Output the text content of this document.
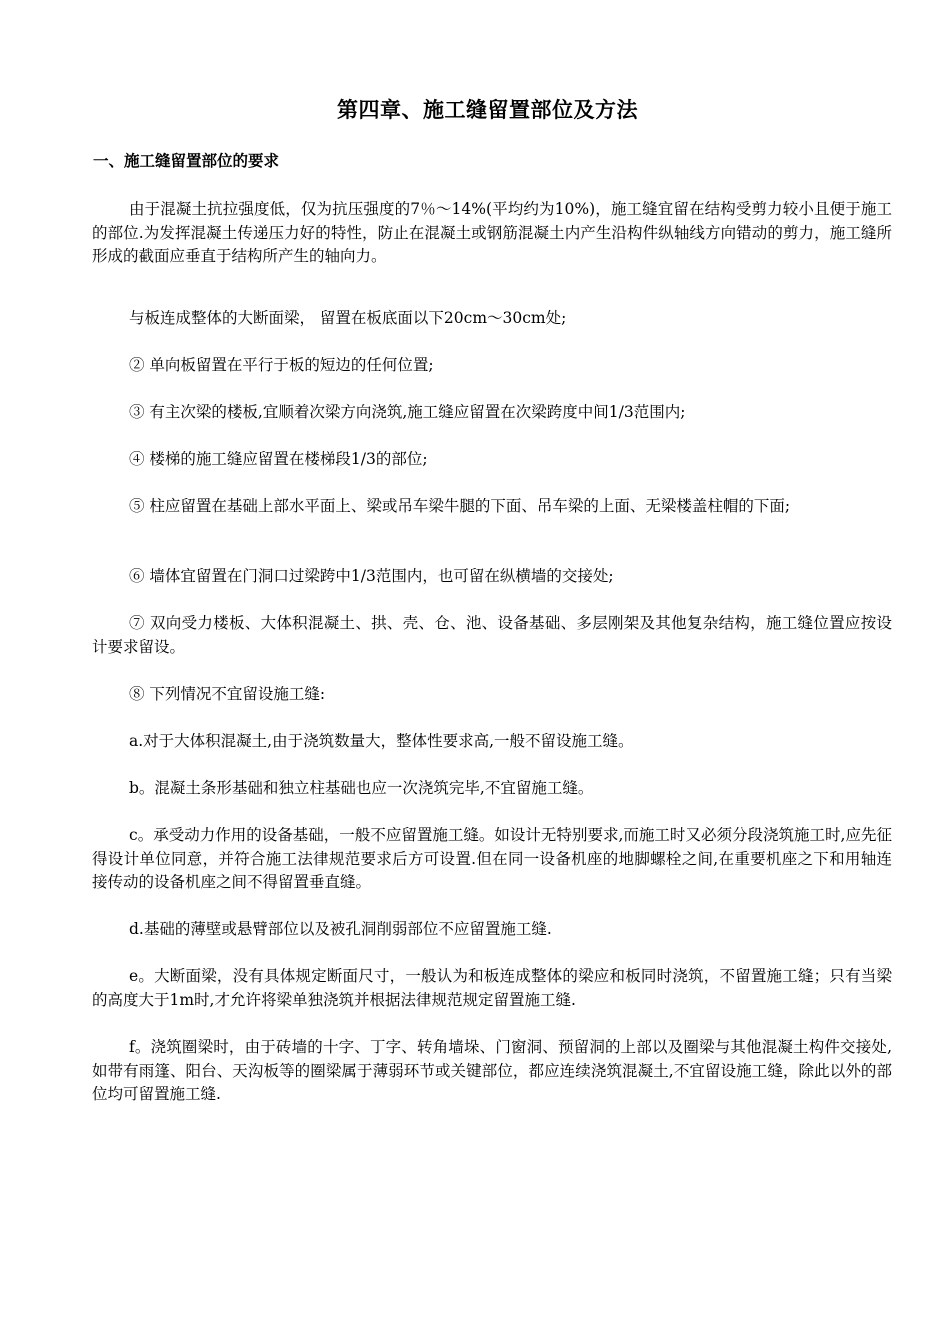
第四章、施工缝留置部位及方法
一、施工缝留置部位的要求

由于混凝土抗拉强度低，仅为抗压强度的7％～14%(平均约为10%)，施工缝宜留在结构受剪力较小且便于施工的部位.为发挥混凝土传递压力好的特性，防止在混凝土或钢筋混凝土内产生沿构件纵轴线方向错动的剪力，施工缝所形成的截面应垂直于结构所产生的轴向力。

与板连成整体的大断面梁， 留置在板底面以下20cm～30cm处;

② 单向板留置在平行于板的短边的任何位置;

③ 有主次梁的楼板,宜顺着次梁方向浇筑,施工缝应留置在次梁跨度中间1/3范围内;

④ 楼梯的施工缝应留置在楼梯段1/3的部位;

⑤ 柱应留置在基础上部水平面上、梁或吊车梁牛腿的下面、吊车梁的上面、无梁楼盖柱帽的下面;

⑥ 墙体宜留置在门洞口过梁跨中1/3范围内，也可留在纵横墙的交接处;

⑦ 双向受力楼板、大体积混凝土、拱、壳、仓、池、设备基础、多层刚架及其他复杂结构，施工缝位置应按设计要求留设。

⑧ 下列情况不宜留设施工缝:

a.对于大体积混凝土,由于浇筑数量大，整体性要求高,一般不留设施工缝。

b。混凝土条形基础和独立柱基础也应一次浇筑完毕,不宜留施工缝。

c。承受动力作用的设备基础，一般不应留置施工缝。如设计无特别要求,而施工时又必须分段浇筑施工时,应先征得设计单位同意，并符合施工法律规范要求后方可设置.但在同一设备机座的地脚螺栓之间,在重要机座之下和用轴连接传动的设备机座之间不得留置垂直缝。

d.基础的薄壁或悬臂部位以及被孔洞削弱部位不应留置施工缝.

e。大断面梁，没有具体规定断面尺寸，一般认为和板连成整体的梁应和板同时浇筑，不留置施工缝；只有当梁的高度大于1m时,才允许将梁单独浇筑并根据法律规范规定留置施工缝.

f。浇筑圈梁时，由于砖墙的十字、丁字、转角墙垛、门窗洞、预留洞的上部以及圈梁与其他混凝土构件交接处,如带有雨篷、阳台、天沟板等的圈梁属于薄弱环节或关键部位，都应连续浇筑混凝土,不宜留设施工缝，除此以外的部位均可留置施工缝.
